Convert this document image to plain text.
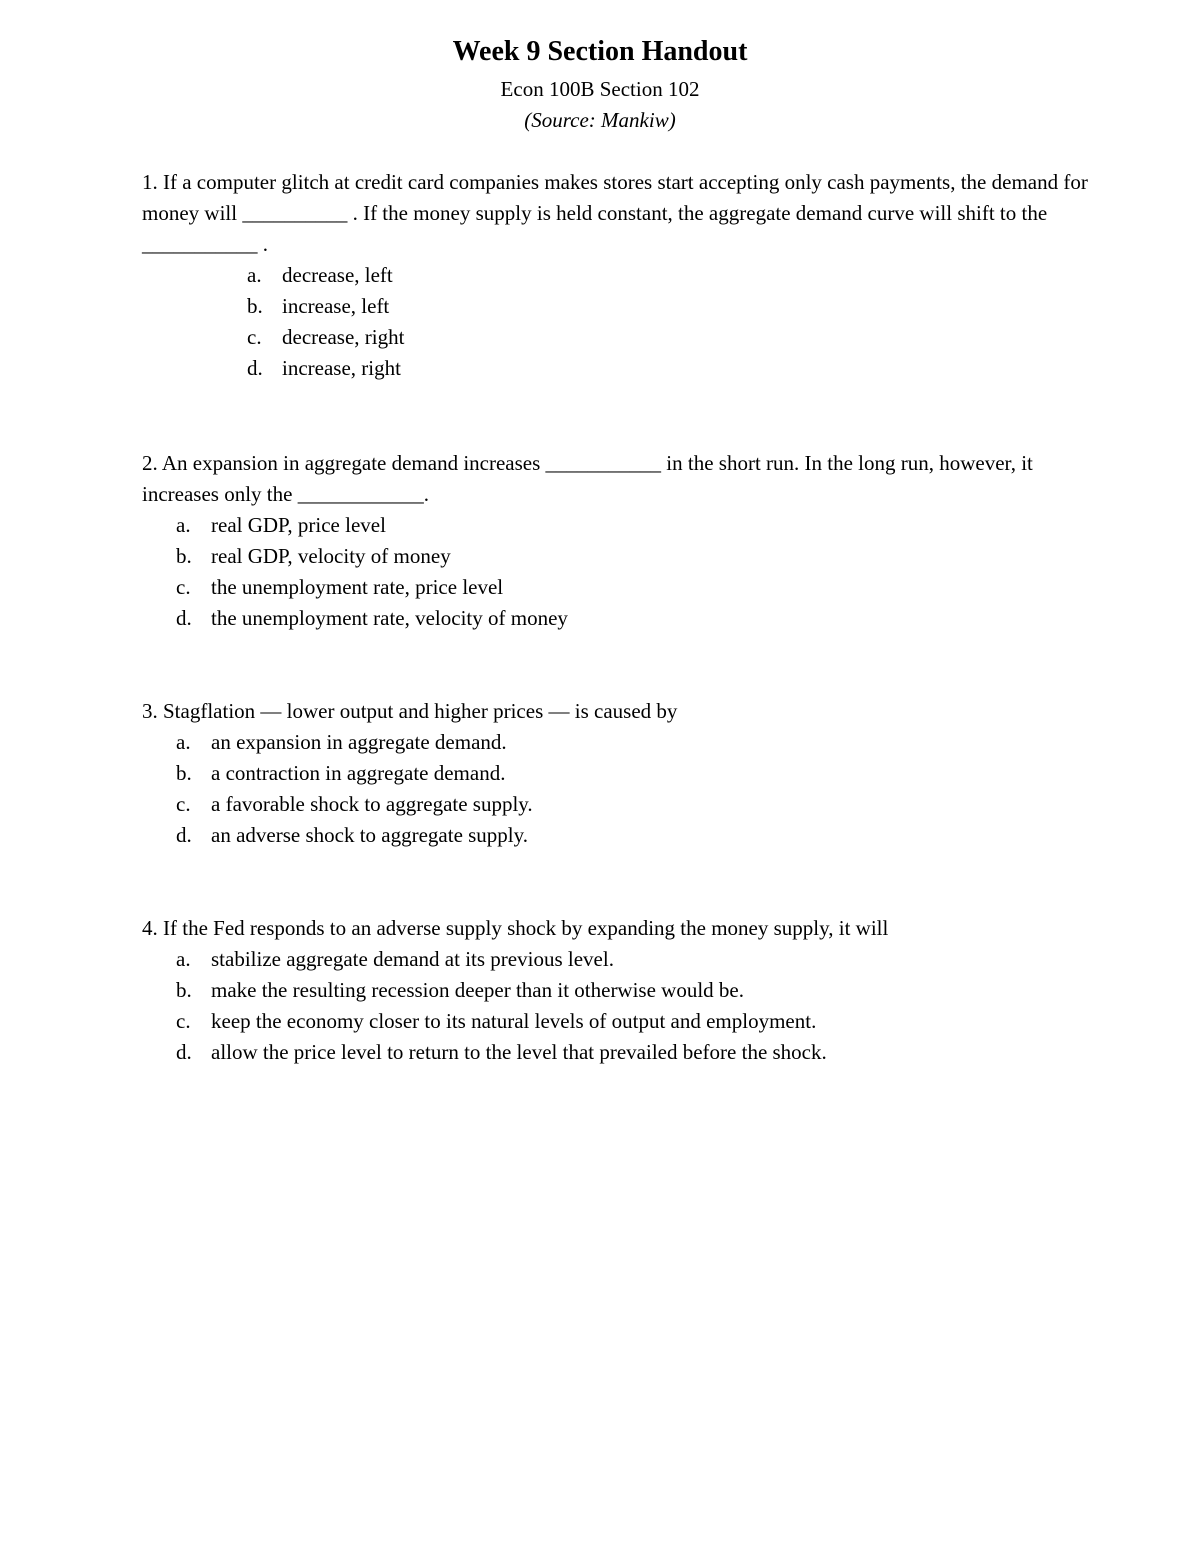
Week 9 Section Handout
Econ 100B Section 102
(Source: Mankiw)

1. If a computer glitch at credit card companies makes stores start accepting only cash payments, the demand for money will __________ . If the money supply is held constant, the aggregate demand curve will shift to the ___________ .

a. decrease, left
b. increase, left
c. decrease, right
d. increase, right

2. An expansion in aggregate demand increases ___________ in the short run. In the long run, however, it increases only the ____________.

a. real GDP, price level
b. real GDP, velocity of money
c. the unemployment rate, price level
d. the unemployment rate, velocity of money

3. Stagflation — lower output and higher prices — is caused by

a. an expansion in aggregate demand.
b. a contraction in aggregate demand.
c. a favorable shock to aggregate supply.
d. an adverse shock to aggregate supply.

4. If the Fed responds to an adverse supply shock by expanding the money supply, it will

a. stabilize aggregate demand at its previous level.
b. make the resulting recession deeper than it otherwise would be.
c. keep the economy closer to its natural levels of output and employment.
d. allow the price level to return to the level that prevailed before the shock.
